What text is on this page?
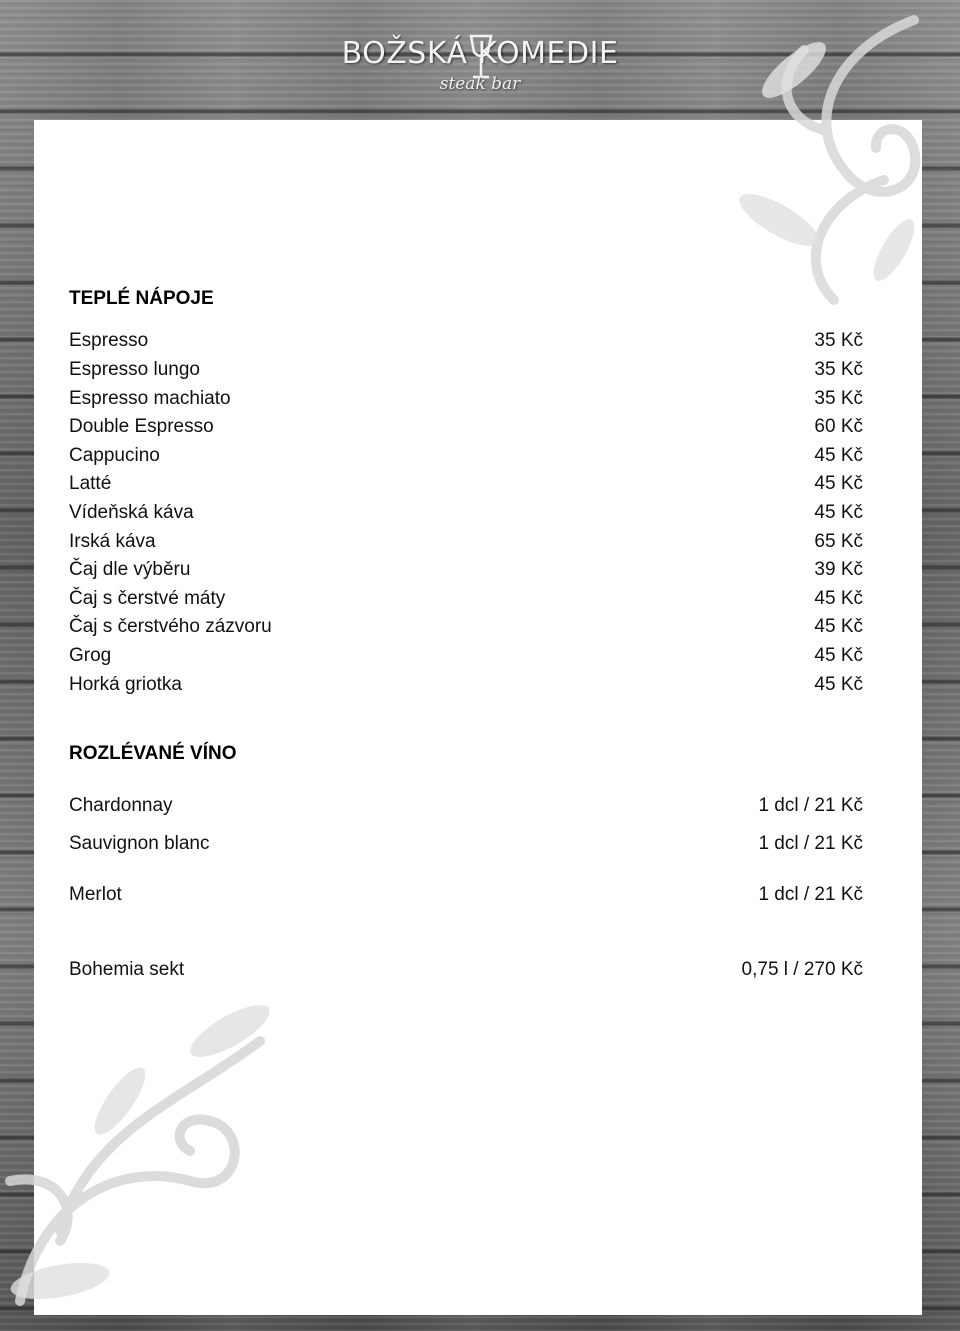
BOŽSKÁ KOMEDIE
steak bar
TEPLÉ NÁPOJE
Espresso	35 Kč
Espresso lungo	35 Kč
Espresso machiato	35 Kč
Double Espresso	60 Kč
Cappucino	45 Kč
Latté	45 Kč
Vídeňská káva	45 Kč
Irská káva	65 Kč
Čaj dle výběru	39 Kč
Čaj s čerstvé máty	45 Kč
Čaj s čerstvého zázvoru	45 Kč
Grog	45 Kč
Horká griotka	45 Kč
ROZLÉVANÉ VÍNO
Chardonnay	1 dcl / 21 Kč
Sauvignon blanc	1 dcl / 21 Kč
Merlot	1 dcl / 21 Kč
Bohemia sekt	0,75 l / 270 Kč
